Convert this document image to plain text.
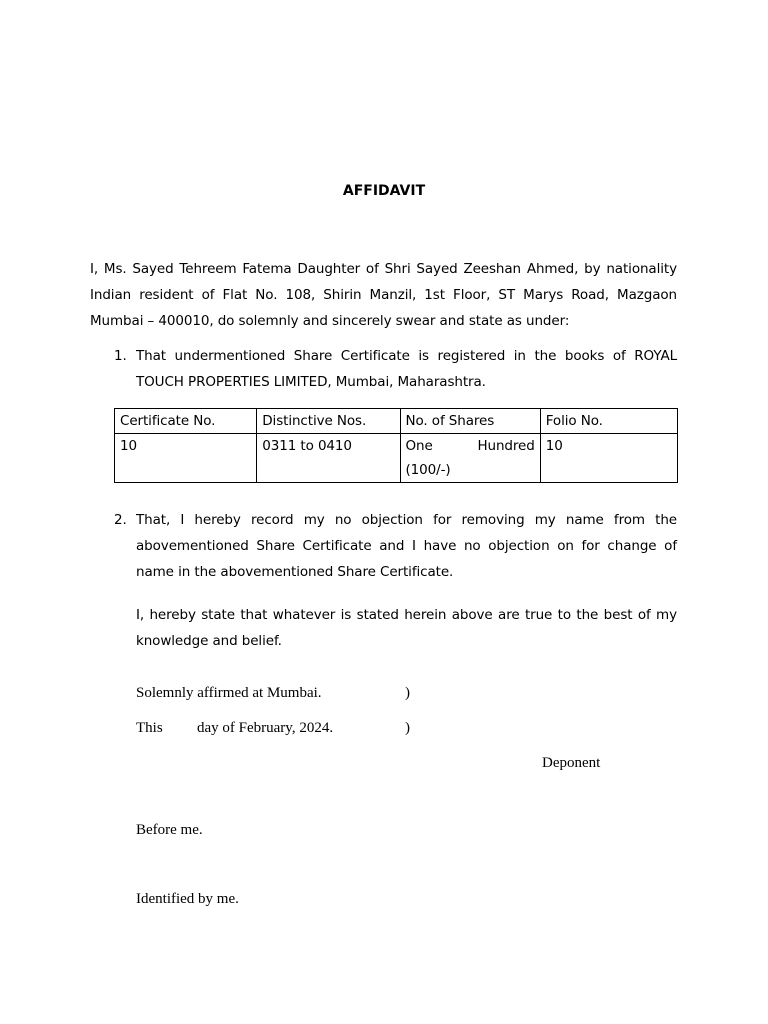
AFFIDAVIT
I, Ms. Sayed Tehreem Fatema Daughter of Shri Sayed Zeeshan Ahmed, by nationality Indian resident of Flat No. 108, Shirin Manzil, 1st Floor, ST Marys Road, Mazgaon Mumbai – 400010, do solemnly and sincerely swear and state as under:
1. That undermentioned Share Certificate is registered in the books of ROYAL TOUCH PROPERTIES LIMITED, Mumbai, Maharashtra.
Certificate No.	Distinctive Nos.	No. of Shares	Folio No.
10	0311 to 0410	One Hundred (100/-)	10
2. That, I hereby record my no objection for removing my name from the abovementioned Share Certificate and I have no objection on for change of name in the abovementioned Share Certificate.
I, hereby state that whatever is stated herein above are true to the best of my knowledge and belief.
Solemnly affirmed at Mumbai.	)
This day of February, 2024.	)
Deponent
Before me.
Identified by me.
